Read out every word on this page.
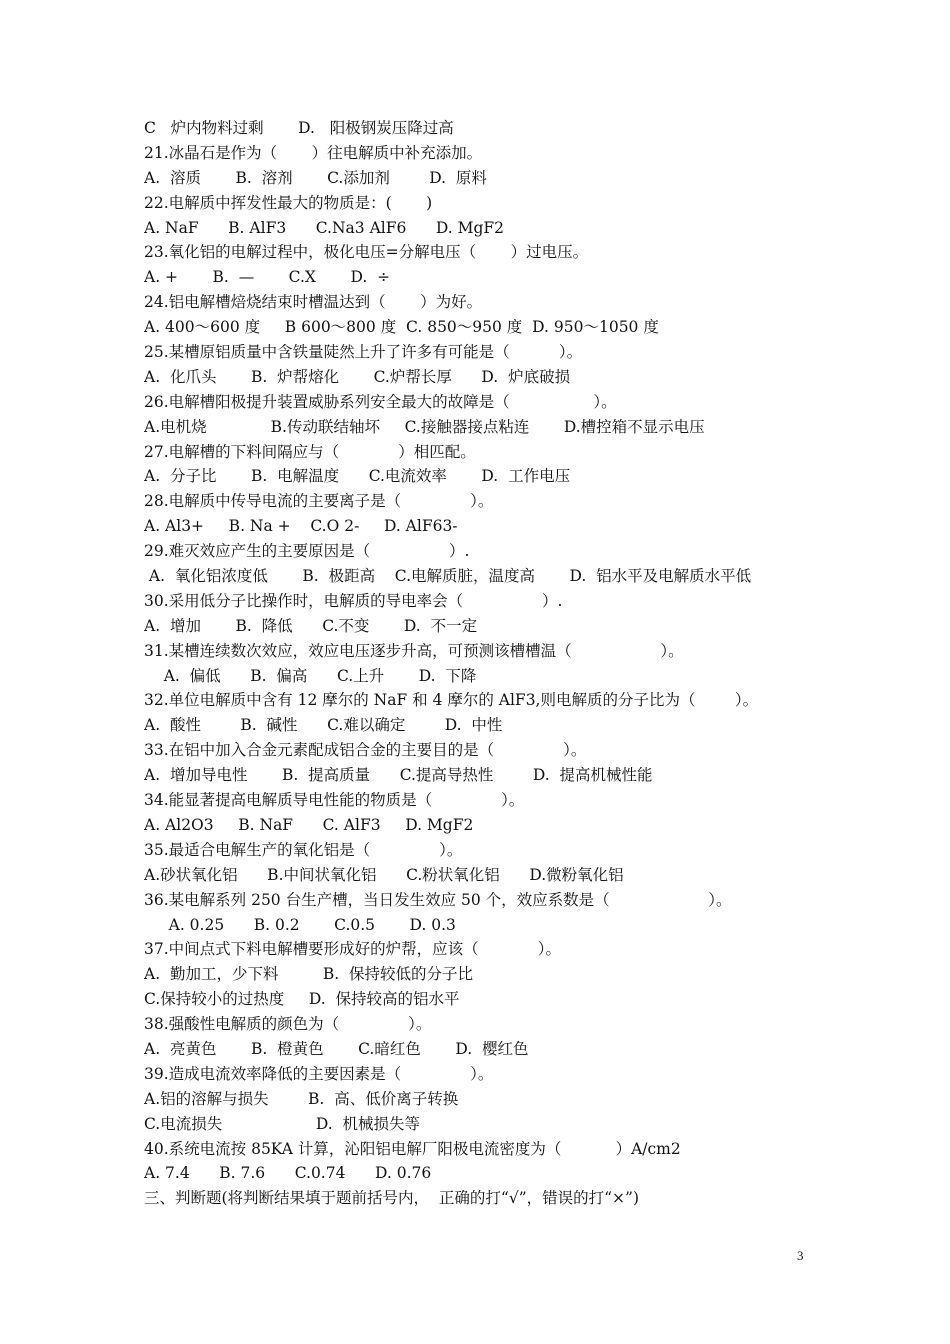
C   炉内物料过剩       D.   阳极钢炭压降过高
21.冰晶石是作为（       ）往电解质中补充添加。
A.  溶质       B.  溶剂       C.添加剂        D.  原料
22.电解质中挥发性最大的物质是：(       )
A. NaF      B. AlF3      C.Na3 AlF6      D. MgF2
23.氧化铝的电解过程中，极化电压=分解电压（       ）过电压。
A. +       B.  —       C.X       D.  ÷
24.铝电解槽焙烧结束时槽温达到（       ）为好。
A. 400～600 度     B 600～800 度  C. 850～950 度  D. 950～1050 度
25.某槽原铝质量中含铁量陡然上升了许多有可能是（          ）。
A.  化爪头       B.  炉帮熔化       C.炉帮长厚      D.  炉底破损
26.电解槽阳极提升装置威胁系列安全最大的故障是（                 ）。
A.电机烧             B.传动联结轴坏     C.接触器接点粘连       D.槽控箱不显示电压
27.电解槽的下料间隔应与（            ）相匹配。
A.  分子比       B.  电解温度      C.电流效率       D.  工作电压
28.电解质中传导电流的主要离子是（              ）。
A. Al3+     B. Na +    C.O 2-     D. AlF63-
29.难灭效应产生的主要原因是（                ）.
A.  氧化铝浓度低       B.  极距高    C.电解质脏，温度高       D.  铝水平及电解质水平低
30.采用低分子比操作时，电解质的导电率会（                ）.
A.  增加       B.  降低      C.不变       D.  不一定
31.某槽连续数次效应，效应电压逐步升高，可预测该槽槽温（                  ）。
A.  偏低      B.  偏高      C.上升       D.  下降
32.单位电解质中含有 12 摩尔的 NaF 和 4 摩尔的 AlF3,则电解质的分子比为（        ）。
A.  酸性        B.  碱性      C.难以确定        D.  中性
33.在铝中加入合金元素配成铝合金的主要目的是（              ）。
A.  增加导电性       B.  提高质量      C.提高导热性        D.  提高机械性能
34.能显著提高电解质导电性能的物质是（              ）。
A. Al2O3     B. NaF      C. AlF3     D. MgF2
35.最适合电解生产的氧化铝是（              ）。
A.砂状氧化铝      B.中间状氧化铝      C.粉状氧化铝      D.微粉氧化铝
36.某电解系列 250 台生产槽，当日发生效应 50 个，效应系数是（                    ）。
A. 0.25      B. 0.2       C.0.5       D. 0.3
37.中间点式下料电解槽要形成好的炉帮，应该（            ）。
A.  勤加工，少下料         B.  保持较低的分子比
C.保持较小的过热度     D.  保持较高的铝水平
38.强酸性电解质的颜色为（              ）。
A.  亮黄色       B.  橙黄色       C.暗红色       D.  樱红色
39.造成电流效率降低的主要因素是（              ）。
A.铝的溶解与损失        B.  高、低价离子转换
C.电流损失                   D.  机械损失等
40.系统电流按 85KA 计算，沁阳铝电解厂阳极电流密度为（           ）A/cm2
A. 7.4      B. 7.6      C.0.74      D. 0.76
三、判断题(将判断结果填于题前括号内，  正确的打“√”，错误的打“×”)
3
